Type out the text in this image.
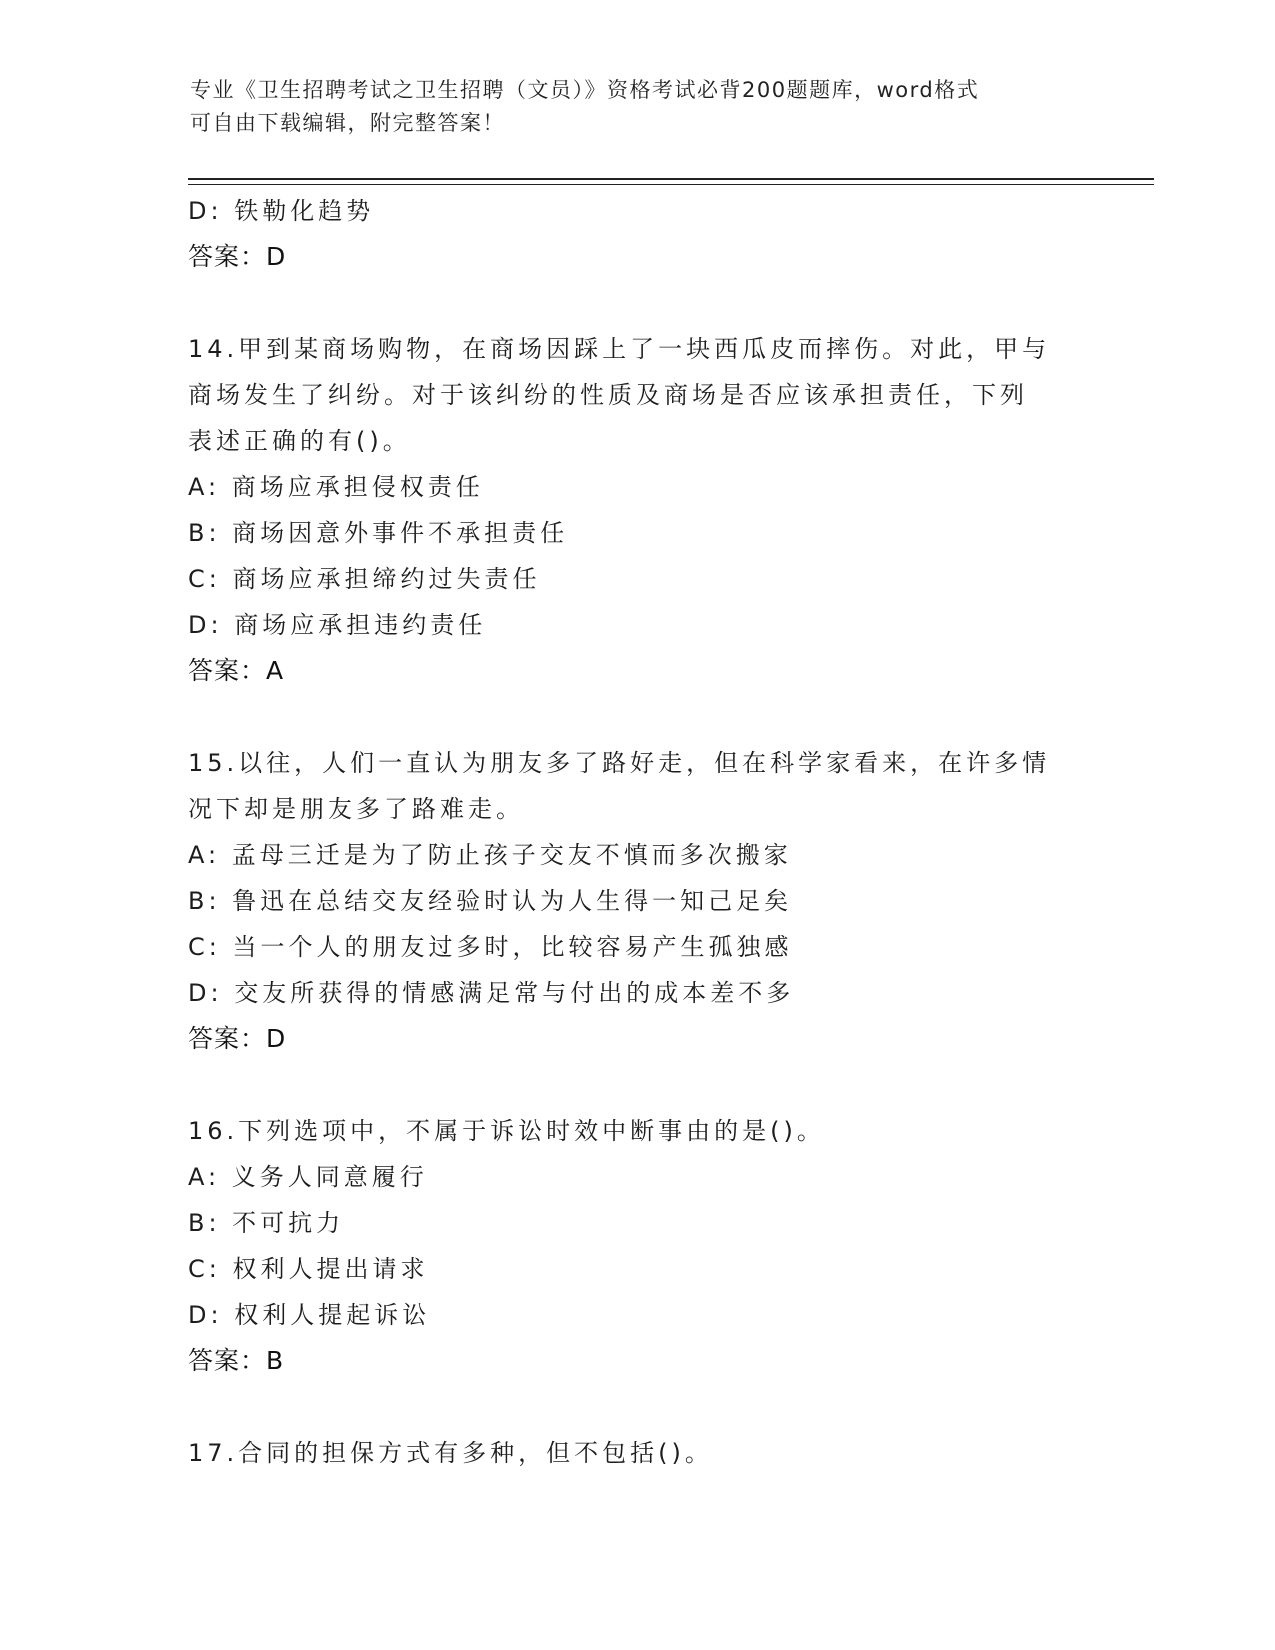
专业《卫生招聘考试之卫生招聘（文员）》资格考试必背200题题库，word格式
可自由下载编辑，附完整答案！
D: 铁勒化趋势
答案：D
14.甲到某商场购物，在商场因踩上了一块西瓜皮而摔伤。对此，甲与
商场发生了纠纷。对于该纠纷的性质及商场是否应该承担责任，下列
表述正确的有()。
A: 商场应承担侵权责任
B: 商场因意外事件不承担责任
C: 商场应承担缔约过失责任
D: 商场应承担违约责任
答案：A
15.以往，人们一直认为朋友多了路好走，但在科学家看来，在许多情
况下却是朋友多了路难走。
A: 孟母三迁是为了防止孩子交友不慎而多次搬家
B: 鲁迅在总结交友经验时认为人生得一知己足矣
C: 当一个人的朋友过多时，比较容易产生孤独感
D: 交友所获得的情感满足常与付出的成本差不多
答案：D
16.下列选项中，不属于诉讼时效中断事由的是()。
A: 义务人同意履行
B: 不可抗力
C: 权利人提出请求
D: 权利人提起诉讼
答案：B
17.合同的担保方式有多种，但不包括()。
